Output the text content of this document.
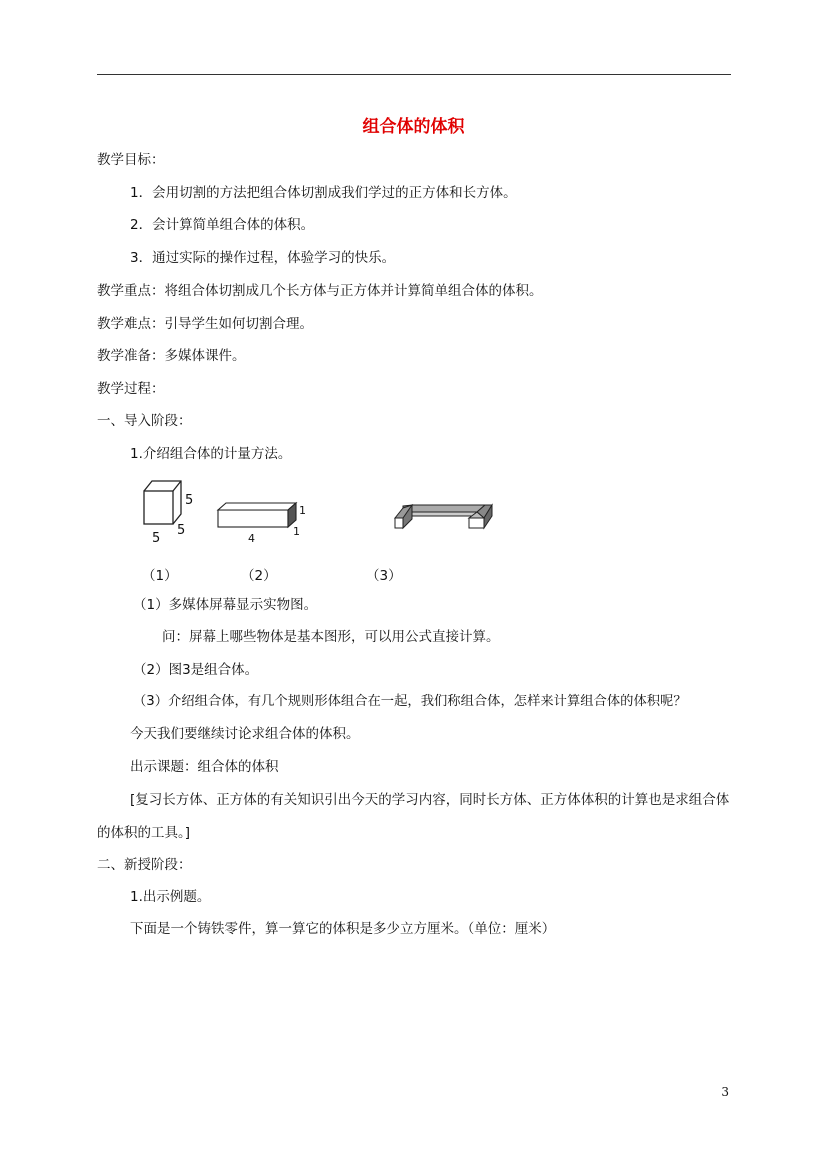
组合体的体积
教学目标：
1．会用切割的方法把组合体切割成我们学过的正方体和长方体。
2．会计算简单组合体的体积。
3．通过实际的操作过程，体验学习的快乐。
教学重点：将组合体切割成几个长方体与正方体并计算简单组合体的体积。
教学难点：引导学生如何切割合理。
教学准备：多媒体课件。
教学过程：
一、导入阶段：
1.介绍组合体的计量方法。
5
5
5
1
1
4
（1）	（2）	（3）
（1）多媒体屏幕显示实物图。
问：屏幕上哪些物体是基本图形，可以用公式直接计算。
（2）图3是组合体。
（3）介绍组合体，有几个规则形体组合在一起，我们称组合体，怎样来计算组合体的体积呢？
今天我们要继续讨论求组合体的体积。
出示课题：组合体的体积
[复习长方体、正方体的有关知识引出今天的学习内容，同时长方体、正方体体积的计算也是求组合体的体积的工具。]
二、新授阶段：
1.出示例题。
下面是一个铸铁零件，算一算它的体积是多少立方厘米。（单位：厘米）
3
